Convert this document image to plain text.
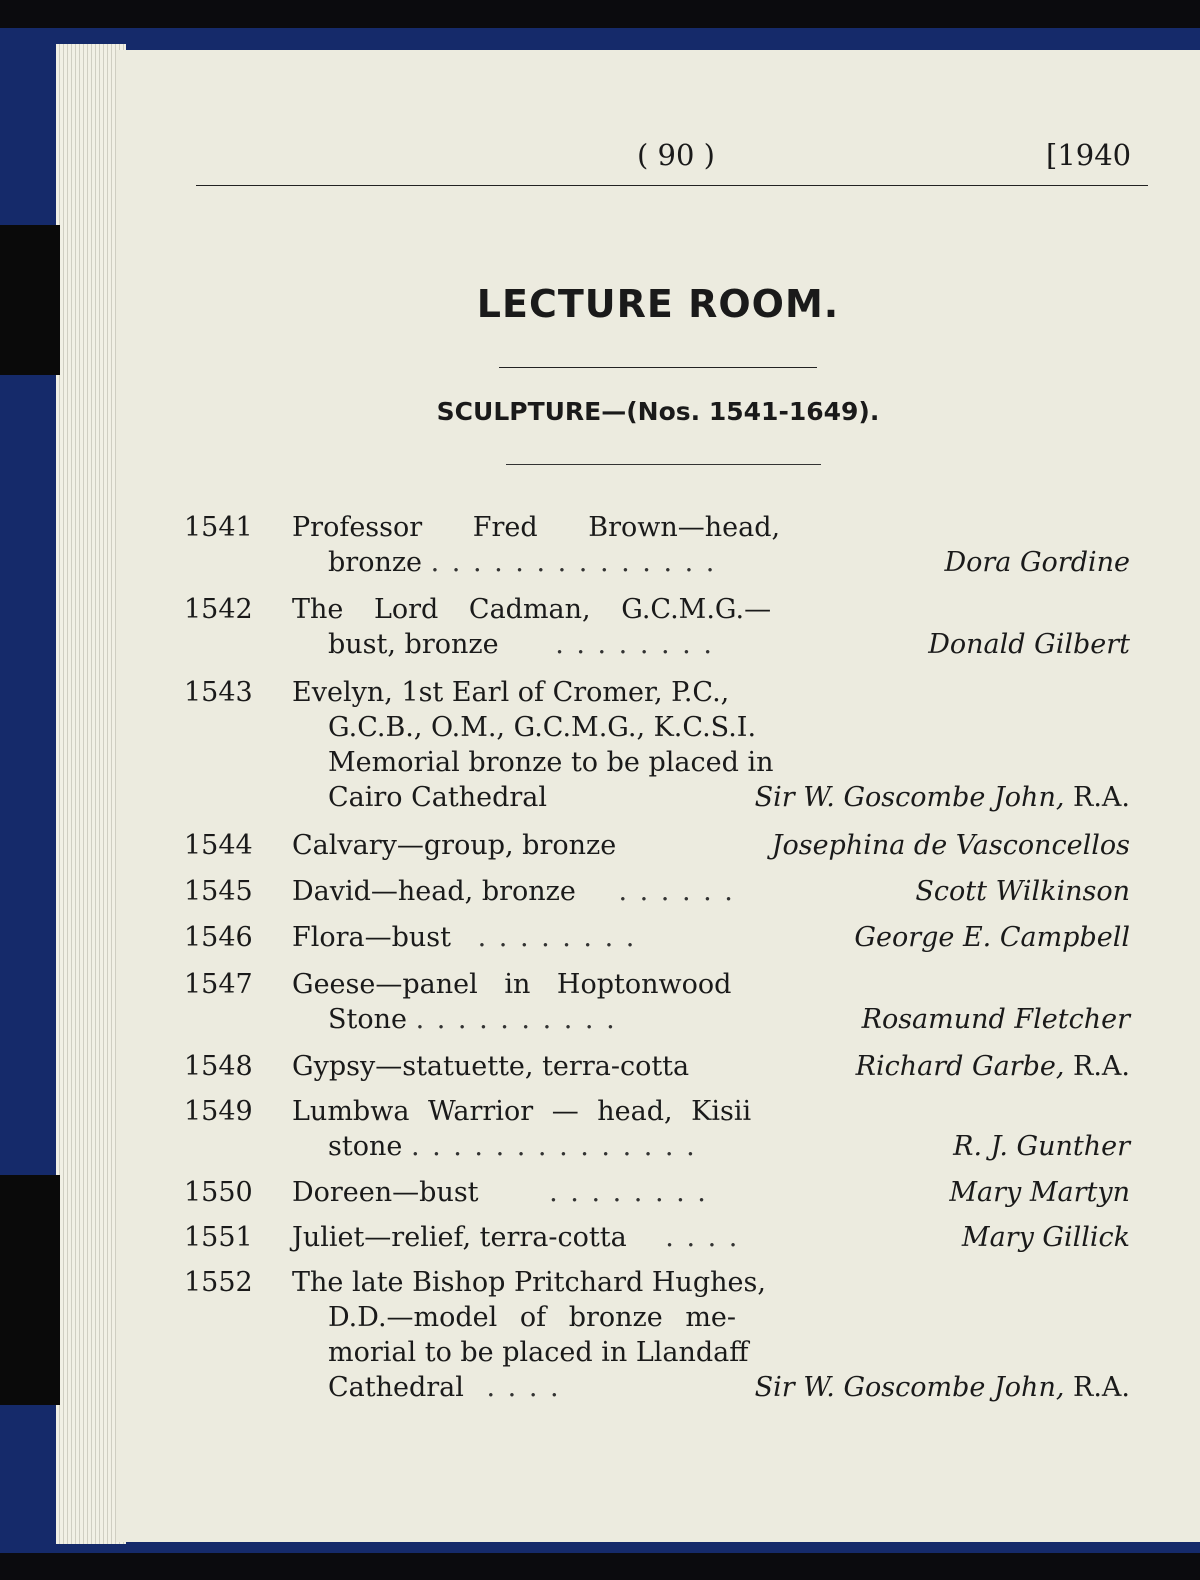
( 90 )	[1940
LECTURE ROOM.
SCULPTURE—(Nos. 1541-1649).
1541 Professor Fred Brown—head,
bronze . . . . . . . . . . . . . .	Dora Gordine
1542 The Lord Cadman, G.C.M.G.—
bust, bronze . . . . . . . .	Donald Gilbert
1543 Evelyn, 1st Earl of Cromer, P.C.,
G.C.B., O.M., G.C.M.G., K.C.S.I.
Memorial bronze to be placed in
Cairo Cathedral	Sir W. Goscombe John, R.A.
1544 Calvary—group, bronze	Josephina de Vasconcellos
1545 David—head, bronze . . . . . .	Scott Wilkinson
1546 Flora—bust . . . . . . . .	George E. Campbell
1547 Geese—panel in Hoptonwood
Stone . . . . . . . . . .	Rosamund Fletcher
1548 Gypsy—statuette, terra-cotta	Richard Garbe, R.A.
1549 Lumbwa Warrior — head, Kisii
stone . . . . . . . . . . . . . .	R. J. Gunther
1550 Doreen—bust	. . . . . . . .	Mary Martyn
1551 Juliet—relief, terra-cotta . . . .	Mary Gillick
1552 The late Bishop Pritchard Hughes,
D.D.—model of bronze me-
morial to be placed in Llandaff
Cathedral . . . .	Sir W. Goscombe John, R.A.
